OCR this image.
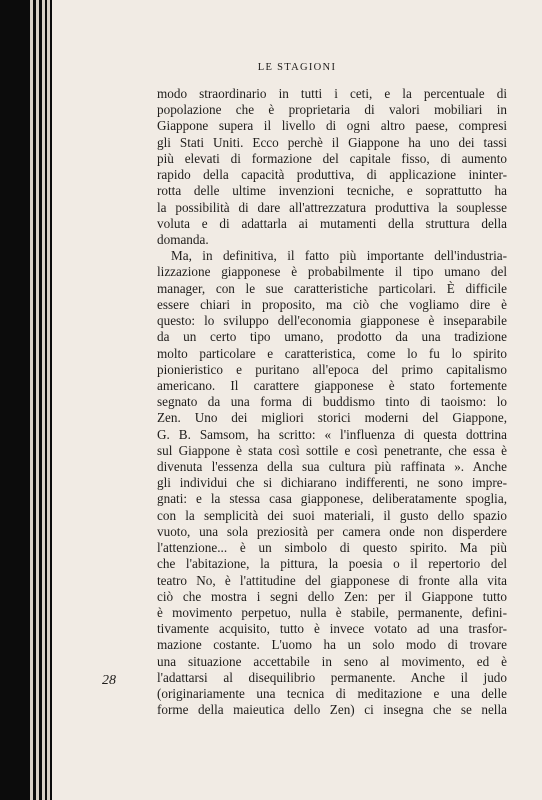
LE STAGIONI
modo straordinario in tutti i ceti, e la percentuale di
popolazione che è proprietaria di valori mobiliari in
Giappone supera il livello di ogni altro paese, compresi
gli Stati Uniti. Ecco perchè il Giappone ha uno dei tassi
più elevati di formazione del capitale fisso, di aumento
rapido della capacità produttiva, di applicazione ininter-
rotta delle ultime invenzioni tecniche, e soprattutto ha
la possibilità di dare all'attrezzatura produttiva la souplesse
voluta e di adattarla ai mutamenti della struttura della
domanda.
Ma, in definitiva, il fatto più importante dell'industria-
lizzazione giapponese è probabilmente il tipo umano del
manager, con le sue caratteristiche particolari. È difficile
essere chiari in proposito, ma ciò che vogliamo dire è
questo: lo sviluppo dell'economia giapponese è inseparabile
da un certo tipo umano, prodotto da una tradizione
molto particolare e caratteristica, come lo fu lo spirito
pionieristico e puritano all'epoca del primo capitalismo
americano. Il carattere giapponese è stato fortemente
segnato da una forma di buddismo tinto di taoismo: lo
Zen. Uno dei migliori storici moderni del Giappone,
G. B. Samsom, ha scritto: « l'influenza di questa dottrina
sul Giappone è stata così sottile e così penetrante, che essa è
divenuta l'essenza della sua cultura più raffinata ». Anche
gli individui che si dichiarano indifferenti, ne sono impre-
gnati: e la stessa casa giapponese, deliberatamente spoglia,
con la semplicità dei suoi materiali, il gusto dello spazio
vuoto, una sola preziosità per camera onde non disperdere
l'attenzione... è un simbolo di questo spirito. Ma più
che l'abitazione, la pittura, la poesia o il repertorio del
teatro No, è l'attitudine del giapponese di fronte alla vita
ciò che mostra i segni dello Zen: per il Giappone tutto
è movimento perpetuo, nulla è stabile, permanente, defini-
tivamente acquisito, tutto è invece votato ad una trasfor-
mazione costante. L'uomo ha un solo modo di trovare
una situazione accettabile in seno al movimento, ed è
l'adattarsi al disequilibrio permanente. Anche il judo
(originariamente una tecnica di meditazione e una delle
forme della maieutica dello Zen) ci insegna che se nella
28
